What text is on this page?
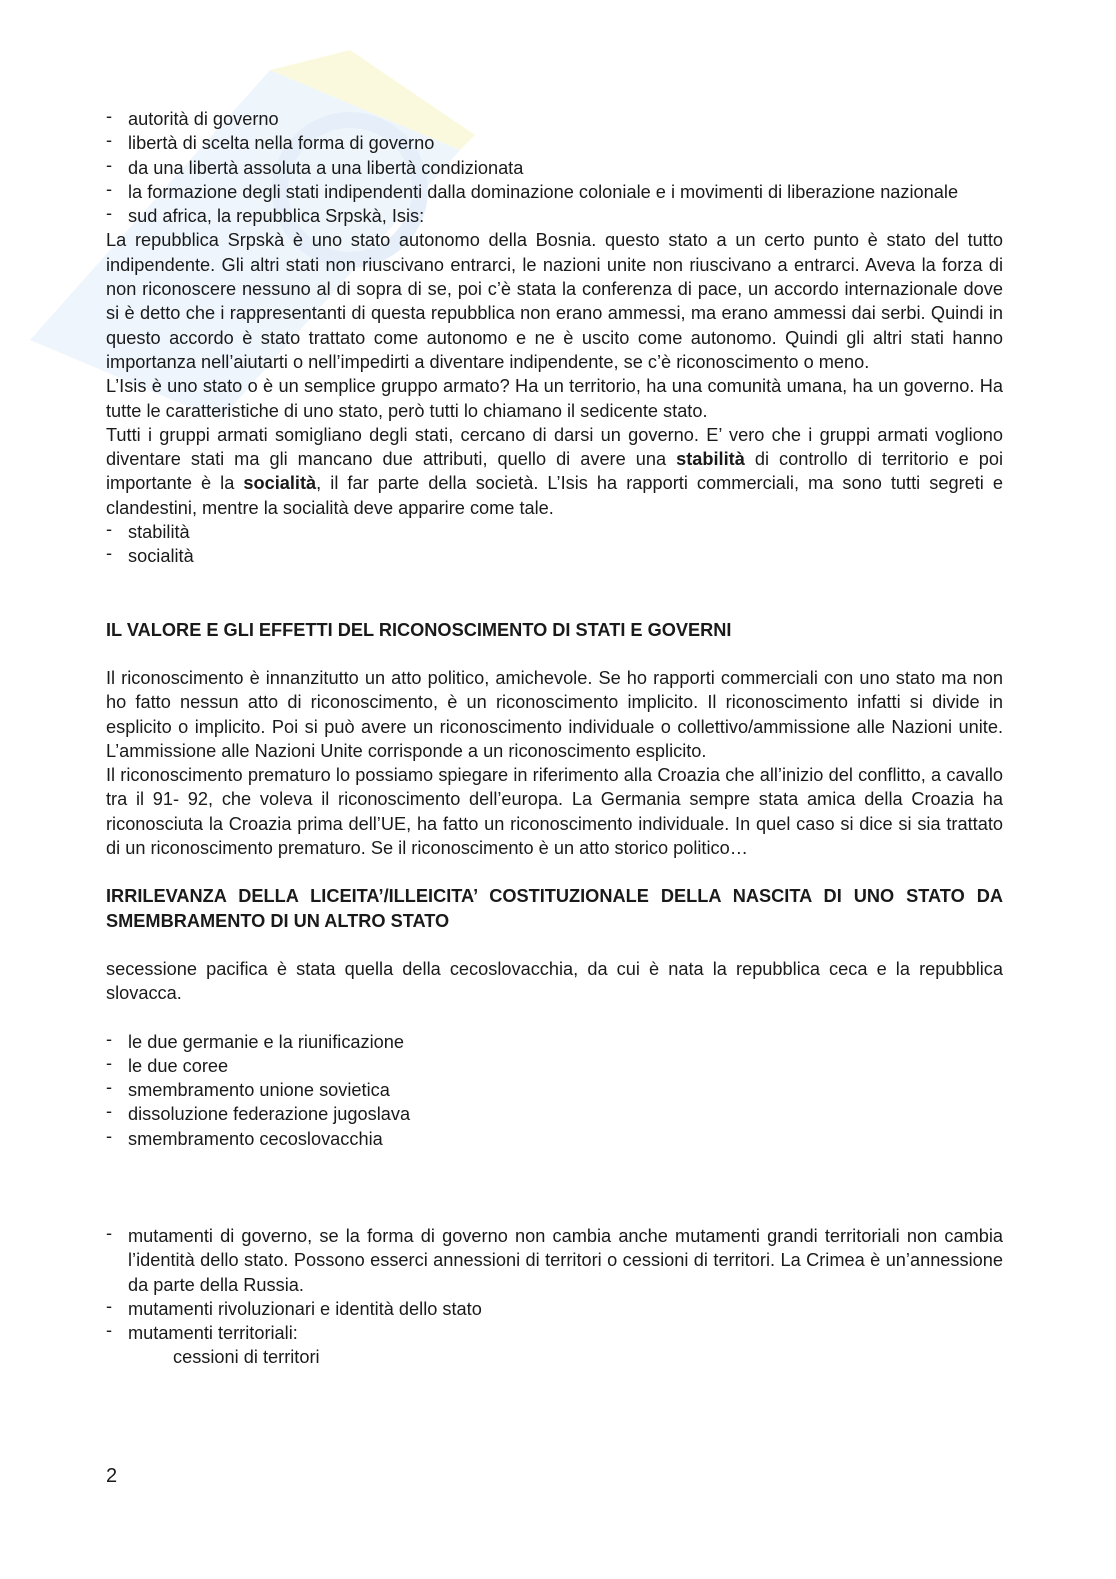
- autorità di governo
- libertà di scelta nella forma di governo
- da una libertà assoluta a una libertà condizionata
- la formazione degli stati indipendenti dalla dominazione coloniale e i movimenti di liberazione nazionale
- sud africa, la repubblica Srpskà, Isis:

La repubblica Srpskà è uno stato autonomo della Bosnia. questo stato a un certo punto è stato del tutto indipendente. Gli altri stati non riuscivano entrarci, le nazioni unite non riuscivano a entrarci. Aveva la forza di non riconoscere nessuno al di sopra di se, poi c’è stata la conferenza di pace, un accordo internazionale dove si è detto che i rappresentanti di questa repubblica non erano ammessi, ma erano ammessi dai serbi. Quindi in questo accordo è stato trattato come autonomo e ne è uscito come autonomo. Quindi gli altri stati hanno importanza nell’aiutarti o nell’impedirti a diventare indipendente, se c’è riconoscimento o meno.

L’Isis è uno stato o è un semplice gruppo armato? Ha un territorio, ha una comunità umana, ha un governo. Ha tutte le caratteristiche di uno stato, però tutti lo chiamano il sedicente stato.

Tutti i gruppi armati somigliano degli stati, cercano di darsi un governo. E’ vero che i gruppi armati vogliono diventare stati ma gli mancano due attributi, quello di avere una stabilità di controllo di territorio e poi importante è la socialità, il far parte della società. L’Isis ha rapporti commerciali, ma sono tutti segreti e clandestini, mentre la socialità deve apparire come tale.

- stabilità
- socialità
IL VALORE E GLI EFFETTI DEL RICONOSCIMENTO DI STATI E GOVERNI

Il riconoscimento è innanzitutto un atto politico, amichevole. Se ho rapporti commerciali con uno stato ma non ho fatto nessun atto di riconoscimento, è un riconoscimento implicito. Il riconoscimento infatti si divide in esplicito o implicito. Poi si può avere un riconoscimento individuale o collettivo/ammissione alle Nazioni unite. L’ammissione alle Nazioni Unite corrisponde a un riconoscimento esplicito.

Il riconoscimento prematuro lo possiamo spiegare in riferimento alla Croazia che all’inizio del conflitto, a cavallo tra il 91- 92, che voleva il riconoscimento dell’europa. La Germania sempre stata amica della Croazia ha riconosciuta la Croazia prima dell’UE, ha fatto un riconoscimento individuale. In quel caso si dice si sia trattato di un riconoscimento prematuro. Se il riconoscimento è un atto storico politico…

IRRILEVANZA DELLA LICEITA’/ILLEICITA’ COSTITUZIONALE DELLA NASCITA DI UNO STATO DA SMEMBRAMENTO DI UN ALTRO STATO

secessione pacifica è stata quella della cecoslovacchia, da cui è nata la repubblica ceca e la repubblica slovacca.

- le due germanie e la riunificazione
- le due coree
- smembramento unione sovietica
- dissoluzione federazione jugoslava
- smembramento cecoslovacchia
- mutamenti di governo, se la forma di governo non cambia anche mutamenti grandi territoriali non cambia l’identità dello stato. Possono esserci annessioni di territori o cessioni di territori. La Crimea è un’annessione da parte della Russia.
- mutamenti rivoluzionari e identità dello stato
- mutamenti territoriali:

cessioni di territori

2
